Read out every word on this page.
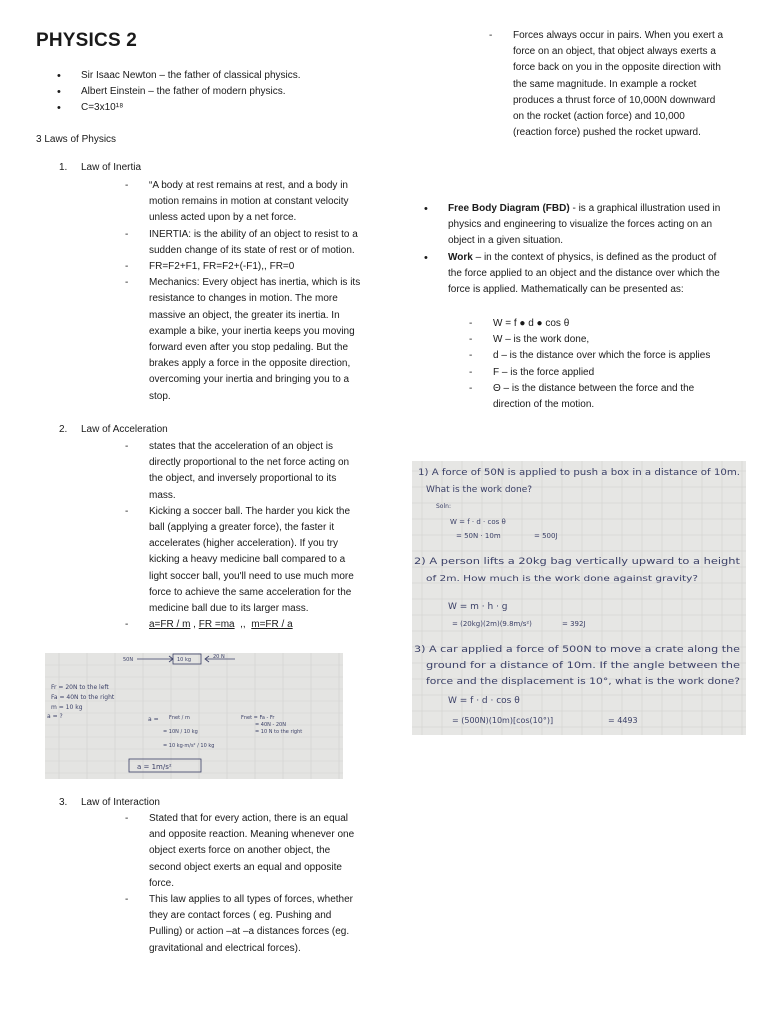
PHYSICS 2
• Sir Isaac Newton – the father of classical physics.
• Albert Einstein – the father of modern physics.
• C=3x10¹⁸
3 Laws of Physics
1. Law of Inertia
- “A body at rest remains at rest, and a body in motion remains in motion at constant velocity unless acted upon by a net force.
- INERTIA: is the ability of an object to resist to a sudden change of its state of rest or of motion.
- FR=F2+F1, FR=F2+(-F1),, FR=0
- Mechanics: Every object has inertia, which is its resistance to changes in motion. The more massive an object, the greater its inertia. In example a bike, your inertia keeps you moving forward even after you stop pedaling. But the brakes apply a force in the opposite direction, overcoming your inertia and bringing you to a stop.
2. Law of Acceleration
- states that the acceleration of an object is directly proportional to the net force acting on the object, and inversely proportional to its mass.
- Kicking a soccer ball. The harder you kick the ball (applying a greater force), the faster it accelerates (higher acceleration). If you try kicking a heavy medicine ball compared to a light soccer ball, you'll need to use much more force to achieve the same acceleration for the medicine ball due to its larger mass.
- a=FR / m , FR =ma  ,,  m=FR / a
50N	10 kg	20 N
Fr = 20N to the left
Fa = 40N to the right
m = 10 kg
a = ?	a = Fnet / m
= 10N / 10 kg
= 10 kg·m/s² / 10 kg
a = 1m/s²
Fnet = Fa - Fr
= 40N - 20N
= 10 N to the right
3. Law of Interaction
- Stated that for every action, there is an equal and opposite reaction. Meaning whenever one object exerts force on another object, the second object exerts an equal and opposite force.
- This law applies to all types of forces, whether they are contact forces ( eg. Pushing and Pulling) or action –at –a distances forces (eg. gravitational and electrical forces).
- Forces always occur in pairs. When you exert a force on an object, that object always exerts a force back on you in the opposite direction with the same magnitude. In example a rocket produces a thrust force of 10,000N downward on the rocket (action force) and 10,000 (reaction force) pushed the rocket upward.
• Free Body Diagram (FBD) - is a graphical illustration used in physics and engineering to visualize the forces acting on an object in a given situation.
• Work – in the context of physics, is defined as the product of the force applied to an object and the distance over which the force is applied. Mathematically can be presented as:
- W = f ● d ● cos θ
- W – is the work done,
- d – is the distance over which the force is applies
- F – is the force applied
- Θ – is the distance between the force and the direction of the motion.
1) A force of 50N is applied to push a box in a distance of 10m.
What is the work done?
Soln:
W = f · d · cos θ
= 50N · 10m	= 500J
2) A person lifts a 20kg bag vertically upward to a height
of 2m. How much is the work done against gravity?
W = m · h · g
= (20kg)(2m)(9.8m/s²)	= 392J
3) A car applied a force of 500N to move a crate along the
ground for a distance of 10m. If the angle between the
force and the displacement is 10°, what is the work done?
W = f · d · cos θ
= (500N)(10m)[cos(10°)]	= 4493
